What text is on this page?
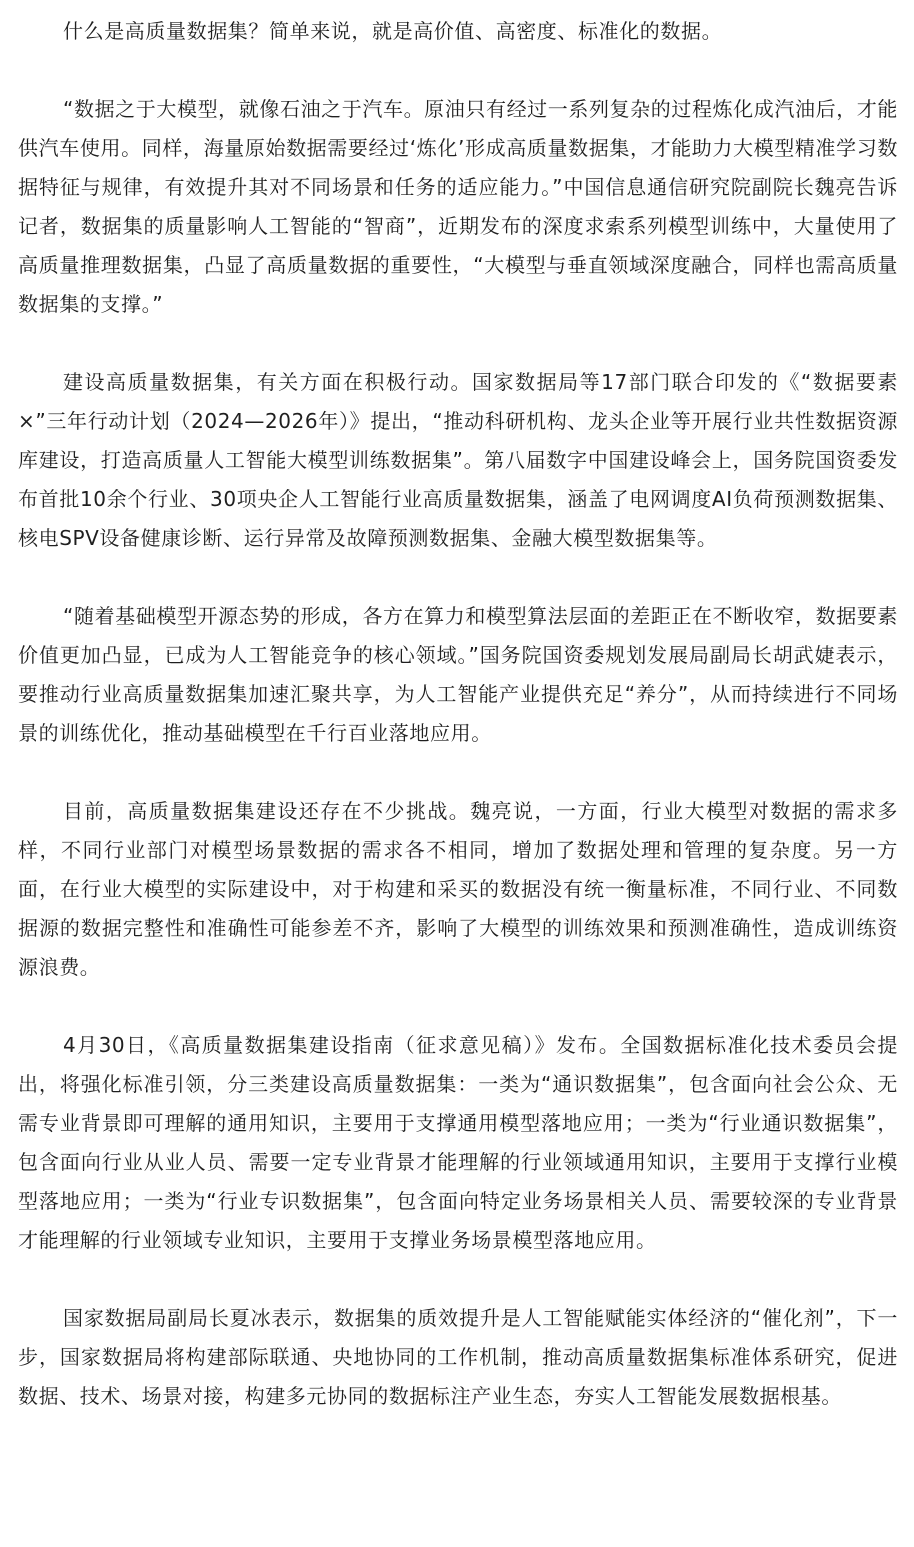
什么是高质量数据集？简单来说，就是高价值、高密度、标准化的数据。

“数据之于大模型，就像石油之于汽车。原油只有经过一系列复杂的过程炼化成汽油后，才能供汽车使用。同样，海量原始数据需要经过‘炼化’形成高质量数据集，才能助力大模型精准学习数据特征与规律，有效提升其对不同场景和任务的适应能力。”中国信息通信研究院副院长魏亮告诉记者，数据集的质量影响人工智能的“智商”，近期发布的深度求索系列模型训练中，大量使用了高质量推理数据集，凸显了高质量数据的重要性，“大模型与垂直领域深度融合，同样也需高质量数据集的支撑。”

建设高质量数据集，有关方面在积极行动。国家数据局等17部门联合印发的《“数据要素×”三年行动计划（2024—2026年）》提出，“推动科研机构、龙头企业等开展行业共性数据资源库建设，打造高质量人工智能大模型训练数据集”。第八届数字中国建设峰会上，国务院国资委发布首批10余个行业、30项央企人工智能行业高质量数据集，涵盖了电网调度AI负荷预测数据集、核电SPV设备健康诊断、运行异常及故障预测数据集、金融大模型数据集等。

“随着基础模型开源态势的形成，各方在算力和模型算法层面的差距正在不断收窄，数据要素价值更加凸显，已成为人工智能竞争的核心领域。”国务院国资委规划发展局副局长胡武婕表示，要推动行业高质量数据集加速汇聚共享，为人工智能产业提供充足“养分”，从而持续进行不同场景的训练优化，推动基础模型在千行百业落地应用。

目前，高质量数据集建设还存在不少挑战。魏亮说，一方面，行业大模型对数据的需求多样，不同行业部门对模型场景数据的需求各不相同，增加了数据处理和管理的复杂度。另一方面，在行业大模型的实际建设中，对于构建和采买的数据没有统一衡量标准，不同行业、不同数据源的数据完整性和准确性可能参差不齐，影响了大模型的训练效果和预测准确性，造成训练资源浪费。

4月30日，《高质量数据集建设指南（征求意见稿）》发布。全国数据标准化技术委员会提出，将强化标准引领，分三类建设高质量数据集：一类为“通识数据集”，包含面向社会公众、无需专业背景即可理解的通用知识，主要用于支撑通用模型落地应用；一类为“行业通识数据集”，包含面向行业从业人员、需要一定专业背景才能理解的行业领域通用知识，主要用于支撑行业模型落地应用；一类为“行业专识数据集”，包含面向特定业务场景相关人员、需要较深的专业背景才能理解的行业领域专业知识，主要用于支撑业务场景模型落地应用。

国家数据局副局长夏冰表示，数据集的质效提升是人工智能赋能实体经济的“催化剂”，下一步，国家数据局将构建部际联通、央地协同的工作机制，推动高质量数据集标准体系研究，促进数据、技术、场景对接，构建多元协同的数据标注产业生态，夯实人工智能发展数据根基。
